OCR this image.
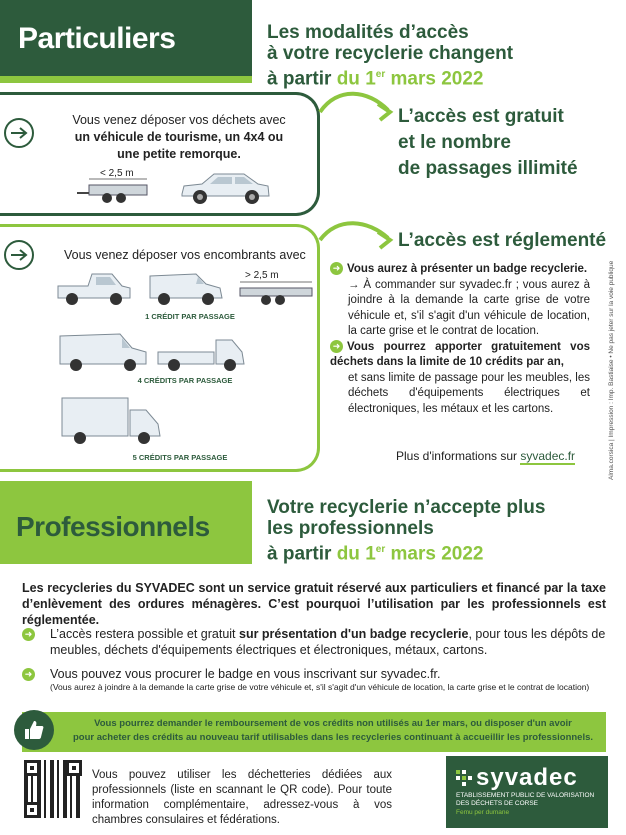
Particuliers	Les modalités d’accès
à votre recyclerie changent
à partir du 1er mars 2022
Vous venez déposer vos déchets avec
un véhicule de tourisme, un 4x4 ou une petite remorque.
< 2,5 m
L’accès est gratuit
et le nombre
de passages illimité
Vous venez déposer vos encombrants avec
> 2,5 m
1 CRÉDIT PAR PASSAGE
4 CRÉDITS PAR PASSAGE
5 CRÉDITS PAR PASSAGE
L’accès est réglementé
➜ Vous aurez à présenter un badge recyclerie.
→ À commander sur syvadec.fr ; vous aurez à joindre à la demande la carte grise de votre véhicule et, s'il s'agit d'un véhicule de location, la carte grise et le contrat de location.
➜ Vous pourrez apporter gratuitement vos déchets dans la limite de 10 crédits par an,
et sans limite de passage pour les meubles, les déchets d'équipements électriques et électroniques, les métaux et les cartons.
Plus d'informations sur syvadec.fr	Alma.corsica | Impression : Imp. Bastiaise • Ne pas jeter sur la voie publique
Professionnels
Votre recyclerie n’accepte plus
les professionnels
à partir du 1er mars 2022
Les recycleries du SYVADEC sont un service gratuit réservé aux particuliers et financé par la taxe d’enlèvement des ordures ménagères. C’est pourquoi l’utilisation par les professionnels est réglementée.
➜	L’accès restera possible et gratuit sur présentation d'un badge recyclerie, pour tous les dépôts de meubles, déchets d'équipements électriques et électroniques, métaux, cartons.
➜	Vous pouvez vous procurer le badge en vous inscrivant sur syvadec.fr.
(Vous aurez à joindre à la demande la carte grise de votre véhicule et, s'il s'agit d'un véhicule de location, la carte grise et le contrat de location)
Vous pourrez demander le remboursement de vos crédits non utilisés au 1er mars, ou disposer d'un avoir
pour acheter des crédits au nouveau tarif utilisables dans les recycleries continuant à accueillir les professionnels.
Vous pouvez utiliser les déchetteries dédiées aux professionnels (liste en scannant le QR code). Pour toute information complémentaire, adressez-vous à vos chambres consulaires et fédérations.
syvadec
ETABLISSEMENT PUBLIC DE VALORISATION
DES DÉCHETS DE CORSE
Femu per dumane
